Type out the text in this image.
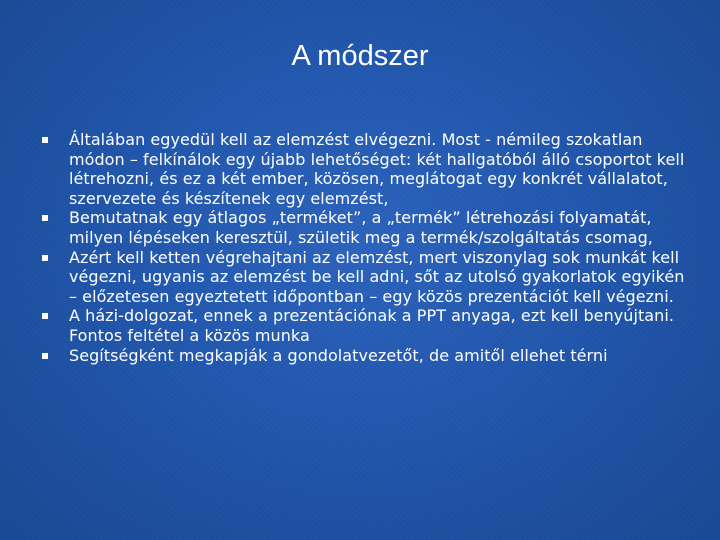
A módszer
Általában egyedül kell az elemzést elvégezni. Most - némileg szokatlan módon – felkínálok egy újabb lehetőséget: két hallgatóból álló csoportot kell létrehozni, és ez a két ember, közösen, meglátogat egy konkrét vállalatot, szervezete és készítenek egy elemzést,
Bemutatnak egy átlagos „terméket”, a „termék” létrehozási folyamatát, milyen lépéseken keresztül, születik meg a termék/szolgáltatás csomag,
Azért kell ketten végrehajtani az elemzést, mert viszonylag sok munkát kell végezni, ugyanis az elemzést be kell adni, sőt az utolsó gyakorlatok egyikén – előzetesen egyeztetett időpontban – egy közös prezentációt kell végezni.
A házi-dolgozat, ennek a prezentációnak a PPT anyaga, ezt kell benyújtani. Fontos feltétel a közös munka
Segítségként megkapják a gondolatvezetőt, de amitől ellehet térni
